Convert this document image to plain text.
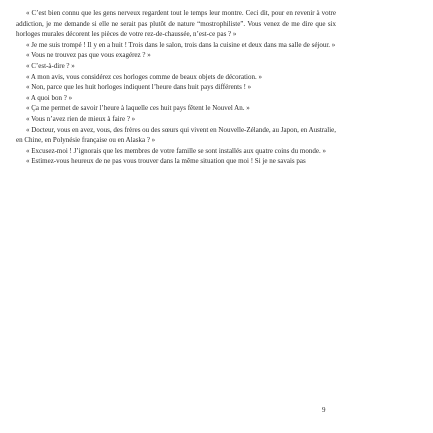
« C’est bien connu que les gens nerveux regardent tout le temps leur montre. Ceci dit, pour en revenir à votre addiction, je me demande si elle ne serait pas plutôt de nature “mostrophiliste”. Vous venez de me dire que six horloges murales décorent les pièces de votre rez-de-chaussée, n’est-ce pas ? »

« Je me suis trompé ! Il y en a huit ! Trois dans le salon, trois dans la cuisine et deux dans ma salle de séjour. »

« Vous ne trouvez pas que vous exagérez ? »

« C’est-à-dire ? »

« A mon avis, vous considérez ces horloges comme de beaux objets de décoration. »

« Non, parce que les huit horloges indiquent l’heure dans huit pays différents ! »

« A quoi bon ? »

« Ça me permet de savoir l’heure à laquelle ces huit pays fêtent le Nouvel An. »

« Vous n’avez rien de mieux à faire ? »

« Docteur, vous en avez, vous, des frères ou des sœurs qui vivent en Nouvelle-Zélande, au Japon, en Australie, en Chine, en Polynésie française ou en Alaska ? »

« Excusez-moi ! J’ignorais que les membres de votre famille se sont installés aux quatre coins du monde. »

« Estimez-vous heureux de ne pas vous trouver dans la même situation que moi ! Si je ne savais pas

9
